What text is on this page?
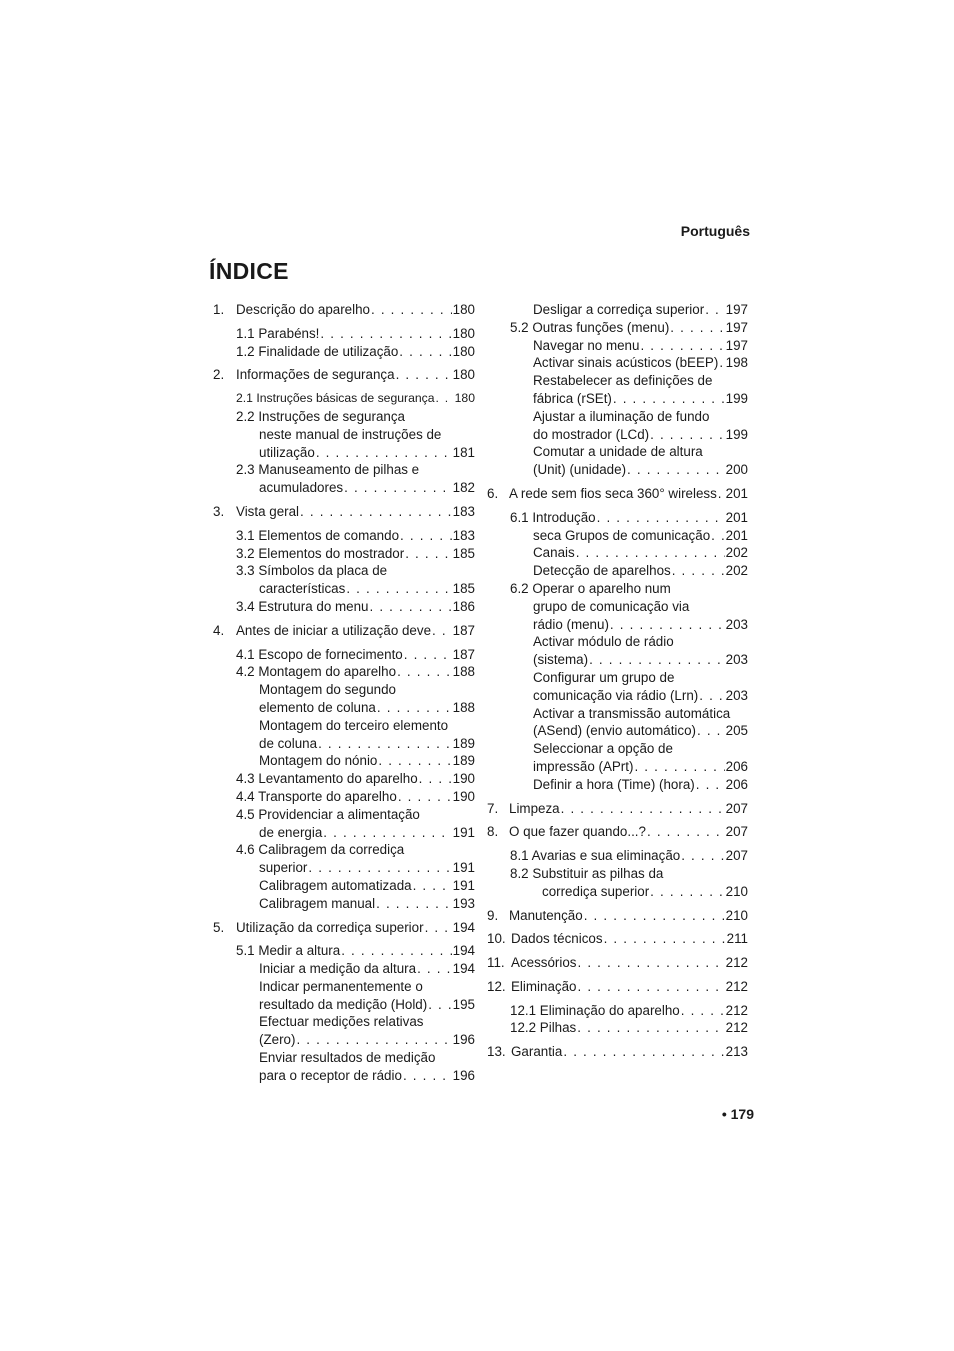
Português
ÍNDICE
1. Descrição do aparelho . . .	180
1.1 Parabéns! . . .	180
1.2 Finalidade de utilização . . .	180
2. Informações de segurança . . .	180
2.1 Instruções básicas de segurança . . . 180
2.2 Instruções de segurança
neste manual de instruções de
utilização . . .	181
2.3 Manuseamento de pilhas e
acumuladores . . .	182
3. Vista geral . . .	183
3.1 Elementos de comando . . .	183
3.2 Elementos do mostrador . . .	185
3.3 Símbolos da placa de
características . . .	185
3.4 Estrutura do menu . . .	186
4. Antes de iniciar a utilização deve . . . 187
4.1 Escopo de fornecimento . . .	187
4.2 Montagem do aparelho . . .	188
Montagem do segundo
elemento de coluna . . .	188
Montagem do terceiro elemento
de coluna . . .	189
Montagem do nónio . . .	189
4.3 Levantamento do aparelho . . .	190
4.4 Transporte do aparelho . . .	190
4.5 Providenciar a alimentação
de energia . . .	191
4.6 Calibragem da corrediça
superior . . .	191
Calibragem automatizada . . .	191
Calibragem manual . . .	193
5. Utilização da corrediça superior . . . 194
5.1 Medir a altura . . .	194
Iniciar a medição da altura . . .	194
Indicar permanentemente o
resultado da medição (Hold) . . . 195
Efectuar medições relativas
(Zero) . . .	196
Enviar resultados de medição
para o receptor de rádio . . .	196
Desligar a corrediça superior . . . 197
5.2 Outras funções (menu) . . .	197
Navegar no menu . . .	197
Activar sinais acústicos (bEEP) . . . 198
Restabelecer as definições de
fábrica (rSEt) . . .	199
Ajustar a iluminação de fundo
do mostrador (LCd) . . .	199
Comutar a unidade de altura
(Unit) (unidade) . . .	200
6. A rede sem fios seca 360° wireless . . . 201
6.1 Introdução . . .	201
seca Grupos de comunicação . . . 201
Canais . . .	202
Detecção de aparelhos . . .	202
6.2 Operar o aparelho num
grupo de comunicação via
rádio (menu) . . .	203
Activar módulo de rádio
(sistema) . . .	203
Configurar um grupo de
comunicação via rádio (Lrn) . . . 203
Activar a transmissão automática
(ASend) (envio automático) . . . 205
Seleccionar a opção de
impressão (APrt) . . .	206
Definir a hora (Time) (hora) . . . 206
7. Limpeza . . .	207
8. O que fazer quando...? . . .	207
8.1 Avarias e sua eliminação . . .	207
8.2 Substituir as pilhas da
corrediça superior . . .	210
9. Manutenção . . .	210
10. Dados técnicos . . .	211
11. Acessórios . . .	212
12. Eliminação . . .	212
12.1 Eliminação do aparelho . . .	212
12.2 Pilhas . . .	212
13. Garantia . . .	213
• 179
